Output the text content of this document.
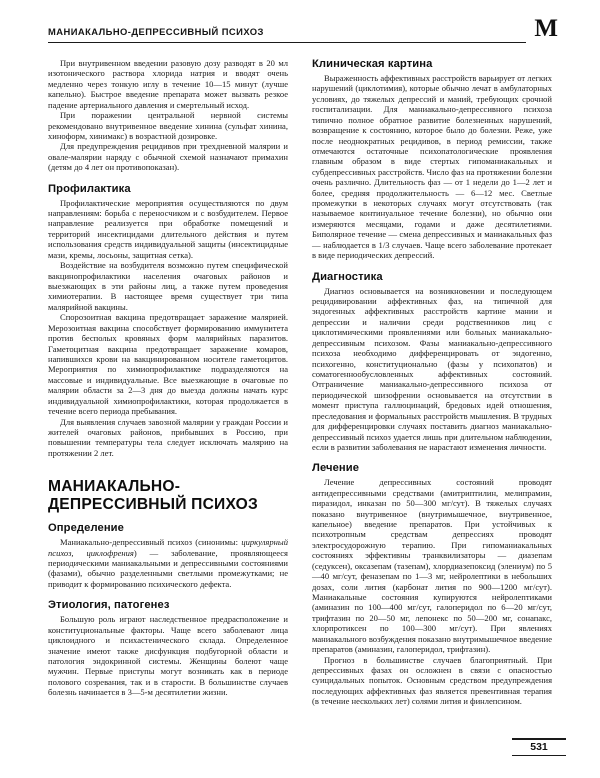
МАНИАКАЛЬНО-ДЕПРЕССИВНЫЙ ПСИХОЗ	М

При внутривенном введении разовую дозу разводят в 20 мл изотонического раствора хлорида натрия и вводят очень медленно через тонкую иглу в течение 10—15 минут (лучше капельно). Быстрое введение препарата может вызвать резкое падение артериального давления и смертельный исход.

При поражении центральной нервной системы рекомендовано внутривенное введение хинина (сульфат хинина, хиноформ, хинимакс) в возрастной дозировке.

Для предупреждения рецидивов при трехдневной малярии и овале-малярии наряду с обычной схемой назначают примахин (детям до 4 лет он противопоказан).

Профилактика

Профилактические мероприятия осуществляются по двум направлениям: борьба с переносчиком и с возбудителем. Первое направление реализуется при обработке помещений и территорий инсектицидами длительного действия и путем использования средств индивидуальной защиты (инсектицидные мази, кремы, лосьоны, защитная сетка).

Воздействие на возбудителя возможно путем специфической вакцинопрофилактики населения очаговых районов и выезжающих в эти районы лиц, а также путем проведения химиотерапии. В настоящее время существует три типа малярийной вакцины.

Спорозоитная вакцина предотвращает заражение малярией. Мерозоитная вакцина способствует формированию иммунитета против бесполых кровяных форм малярийных паразитов. Гаметоцитная вакцина предотвращает заражение комаров, напившихся крови на вакцинированном носителе гаметоцитов. Мероприятия по химиопрофилактике подразделяются на массовые и индивидуальные. Все выезжающие в очаговые по малярии области за 2—3 дня до выезда должны начать курс индивидуальной химиопрофилактики, которая продолжается в течение всего периода пребывания.

Для выявления случаев завозной малярии у граждан России и жителей очаговых районов, прибывших в Россию, при повышении температуры тела следует исключать малярию на протяжении 2 лет.

МАНИАКАЛЬНО-ДЕПРЕССИВНЫЙ ПСИХОЗ
Определение

Маниакально-депрессивный психоз (синонимы: циркулярный психоз, циклофрения) — заболевание, проявляющееся периодическими маниакальными и депрессивными состояниями (фазами), обычно разделенными светлыми промежутками; не приводит к формированию психического дефекта.

Этиология, патогенез

Большую роль играют наследственное предрасположение и конституциональные факторы. Чаще всего заболевают лица циклоидного и психастенического склада. Определенное значение имеют также дисфункция подбугорной области и патология эндокринной системы. Женщины болеют чаще мужчин. Первые приступы могут возникать как в периоде полового созревания, так и в старости. В большинстве случаев болезнь начинается в 3—5-м десятилетии жизни.

Клиническая картина

Выраженность аффективных расстройств варьирует от легких нарушений (циклотимия), которые обычно лечат в амбулаторных условиях, до тяжелых депрессий и маний, требующих срочной госпитализации. Для маниакально-депрессивного психоза типично полное обратное развитие болезненных нарушений, возвращение к состоянию, которое было до болезни. Реже, уже после неоднократных рецидивов, в период ремиссии, также отмечаются остаточные психопатологические проявления главным образом в виде стертых гипоманиакальных и субдепрессивных расстройств. Число фаз на протяжении болезни очень различно. Длительность фаз — от 1 недели до 1—2 лет и более, средняя продолжительность — 6—12 мес. Светлые промежутки в некоторых случаях могут отсутствовать (так называемое континуальное течение болезни), но обычно они измеряются месяцами, годами и даже десятилетиями. Биполярное течение — смена депрессивных и маниакальных фаз — наблюдается в 1/3 случаев. Чаще всего заболевание протекает в виде периодических депрессий.

Диагностика

Диагноз основывается на возникновении и последующем рецидивировании аффективных фаз, на типичной для эндогенных аффективных расстройств картине мании и депрессии и наличии среди родственников лиц с циклотимическими проявлениями или больных маниакально-депрессивным психозом. Фазы маниакально-депрессивного психоза необходимо дифференцировать от эндогенно, психогенно, конституционально (фазы у психопатов) и соматогеннообусловленных аффективных состояний. Отграничение маниакально-депрессивного психоза от периодической шизофрении основывается на отсутствии в момент приступа галлюцинаций, бредовых идей отношения, преследования и формальных расстройств мышления. В трудных для дифференцировки случаях поставить диагноз маниакально-депрессивный психоз удается лишь при длительном наблюдении, если в развитии заболевания не нарастают изменения личности.

Лечение

Лечение депрессивных состояний проводят антидепрессивными средствами (амитриптилин, мелипрамин, пиразидол, инказан по 50—300 мг/сут). В тяжелых случаях показано внутривенное (внутримышечное, внутривенное, капельное) введение препаратов. При устойчивых к психотропным средствам депрессиях проводят электросудорожную терапию. При гипоманиакальных состояниях эффективны транквилизаторы — диазепам (седуксен), оксазепам (тазепам), хлордиазепоксид (элениум) по 5—40 мг/сут, феназепам по 1—3 мг, нейролептики в небольших дозах, соли лития (карбонат лития по 900—1200 мг/сут). Маниакальные состояния купируются нейролептиками (аминазин по 100—400 мг/сут, галоперидол по 6—20 мг/сут, трифтазин по 20—50 мг, лепонекс по 50—200 мг, сонапакс, хлорпротиксен по 100—300 мг/сут). При явлениях маниакального возбуждения показано внутримышечное введение препаратов (аминазин, галоперидол, трифтазин).

Прогноз в большинстве случаев благоприятный. При депрессивных фазах он осложнен в связи с опасностью суицидальных попыток. Основным средством предупреждения последующих аффективных фаз является превентивная терапия (в течение нескольких лет) солями лития и финлепсином.

531
